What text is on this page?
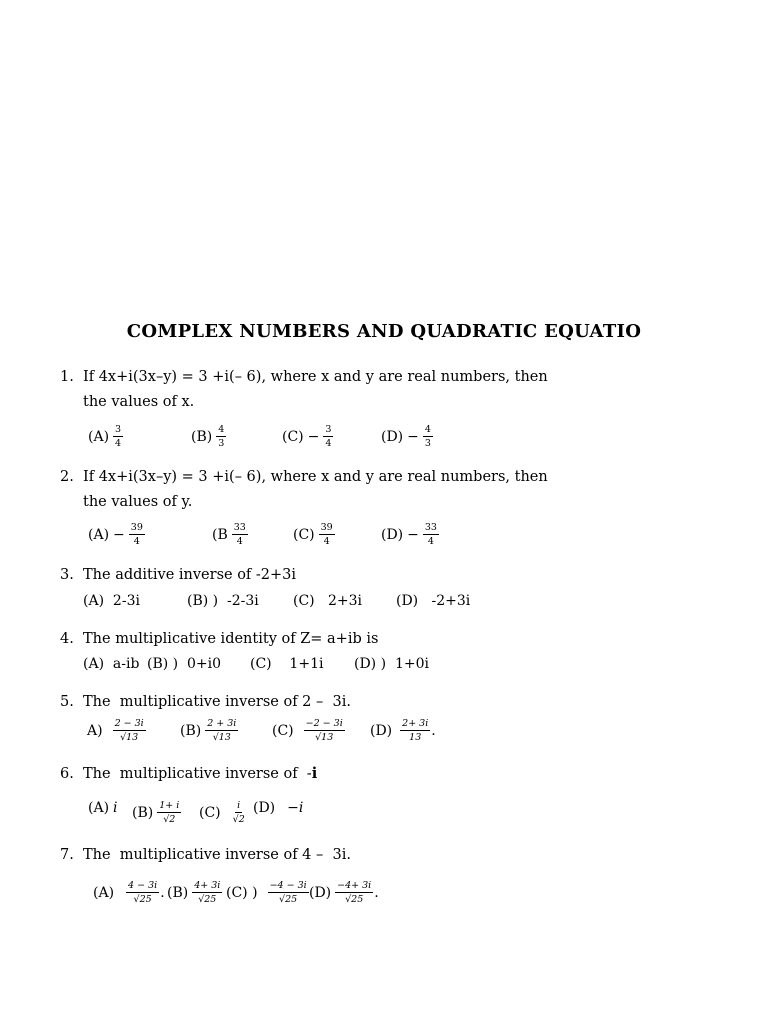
COMPLEX NUMBERS AND QUADRATIC EQUATIO
1. If 4x+i(3x–y) = 3 +i(– 6), where x and y are real numbers, then
the values of x.
$(A) \frac{3}{4}$	$(B) \frac{4}{3}$	$(C) - \frac{3}{4}$	$(D) - \frac{4}{3}$
2. If 4x+i(3x–y) = 3 +i(– 6), where x and y are real numbers, then
the values of y.
$(A) - \frac{39}{4}$	($B \frac{33}{4}$	$(C) \frac{39}{4}$	$(D) - \frac{33}{4}$
3. The additive inverse of -2+3i
(A)  2-3i	(B) )  -2-3i (C)   2+3i (D)   -2+3i
4. The multiplicative identity of Z= a+ib is
(A)  a-ib (B) )  0+i0 (C)    1+1i (D) )  1+0i
5. The  multiplicative inverse of 2 –  3i.
$A) \frac{2 - 3i}{√13} (B) \frac{2 + 3i}{√13} (C) \frac{-2 - 3i}{√13} (D) \frac{2+ 3i}{13}$ .
6. The  multiplicative inverse of  -i
(A) i $(B) \frac{1+ i}{√2} (C) \frac{i}{√2} (D) -i$
7. The  multiplicative inverse of 4 –  3i.
$(A) \frac{4 - 3i}{√25}$ . $(B) \frac{4+ 3i}{√25} (C)$ ) $\frac{-4 - 3i}{√25} (D) \frac{-4+ 3i}{√25}$ .
